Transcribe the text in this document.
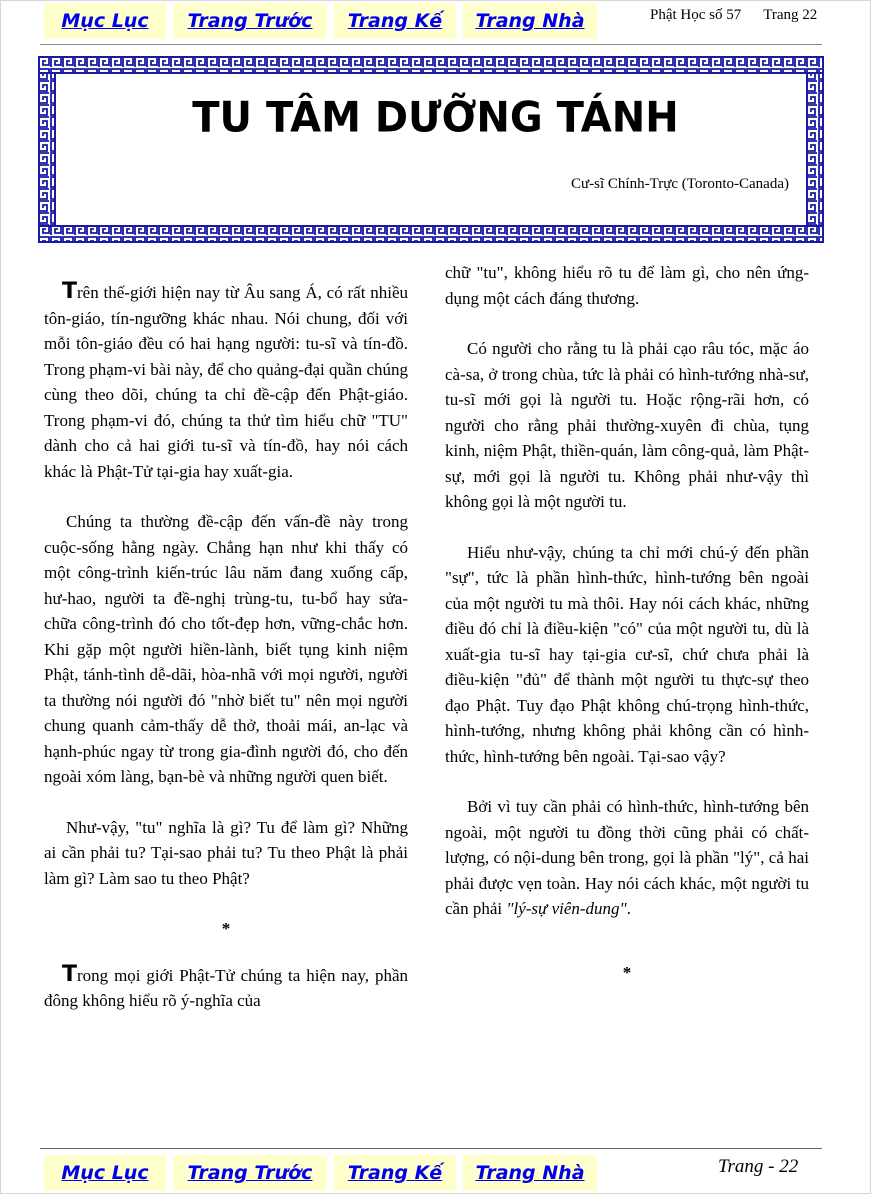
Mục Lục	Trang Trước	Trang Kế	Trang Nhà	Phật Học số 57 Trang 22
TU TÂM DƯỠNG TÁNH
Cư-sĩ Chính-Trực (Toronto-Canada)

Trên thế-giới hiện nay từ Âu sang Á, có rất nhiều tôn-giáo, tín-ngưỡng khác nhau. Nói chung, đối với mỗi tôn-giáo đều có hai hạng người: tu-sĩ và tín-đồ. Trong phạm-vi bài này, để cho quảng-đại quần chúng cùng theo dõi, chúng ta chỉ đề-cập đến Phật-giáo. Trong phạm-vi đó, chúng ta thử tìm hiểu chữ "TU" dành cho cả hai giới tu-sĩ và tín-đồ, hay nói cách khác là Phật-Tử tại-gia hay xuất-gia.

Chúng ta thường đề-cập đến vấn-đề này trong cuộc-sống hằng ngày. Chẳng hạn như khi thấy có một công-trình kiến-trúc lâu năm đang xuống cấp, hư-hao, người ta đề-nghị trùng-tu, tu-bổ hay sửa-chữa công-trình đó cho tốt-đẹp hơn, vững-chắc hơn. Khi gặp một người hiền-lành, biết tụng kinh niệm Phật, tánh-tình dễ-dãi, hòa-nhã với mọi người, người ta thường nói người đó "nhờ biết tu" nên mọi người chung quanh cảm-thấy dễ thở, thoải mái, an-lạc và hạnh-phúc ngay từ trong gia-đình người đó, cho đến ngoài xóm làng, bạn-bè và những người quen biết.

Như-vậy, "tu" nghĩa là gì? Tu để làm gì? Những ai cần phải tu? Tại-sao phải tu? Tu theo Phật là phải làm gì? Làm sao tu theo Phật?

*

Trong mọi giới Phật-Tử chúng ta hiện nay, phần đông không hiểu rõ ý-nghĩa của

chữ "tu", không hiểu rõ tu để làm gì, cho nên ứng-dụng một cách đáng thương.

Có người cho rằng tu là phải cạo râu tóc, mặc áo cà-sa, ở trong chùa, tức là phải có hình-tướng nhà-sư, tu-sĩ mới gọi là người tu. Hoặc rộng-rãi hơn, có người cho rằng phải thường-xuyên đi chùa, tụng kinh, niệm Phật, thiền-quán, làm công-quả, làm Phật-sự, mới gọi là người tu. Không phải như-vậy thì không gọi là một người tu.

Hiểu như-vậy, chúng ta chỉ mới chú-ý đến phần "sự", tức là phần hình-thức, hình-tướng bên ngoài của một người tu mà thôi. Hay nói cách khác, những điều đó chỉ là điều-kiện "có" của một người tu, dù là xuất-gia tu-sĩ hay tại-gia cư-sĩ, chứ chưa phải là điều-kiện "đủ" để thành một người tu thực-sự theo đạo Phật. Tuy đạo Phật không chú-trọng hình-thức, hình-tướng, nhưng không phải không cần có hình-thức, hình-tướng bên ngoài. Tại-sao vậy?

Bởi vì tuy cần phải có hình-thức, hình-tướng bên ngoài, một người tu đồng thời cũng phải có chất-lượng, có nội-dung bên trong, gọi là phần "lý", cả hai phải được vẹn toàn. Hay nói cách khác, một người tu cần phải "lý-sự viên-dung".

*

Mục Lục	Trang Trước	Trang Kế	Trang Nhà	Trang - 22
